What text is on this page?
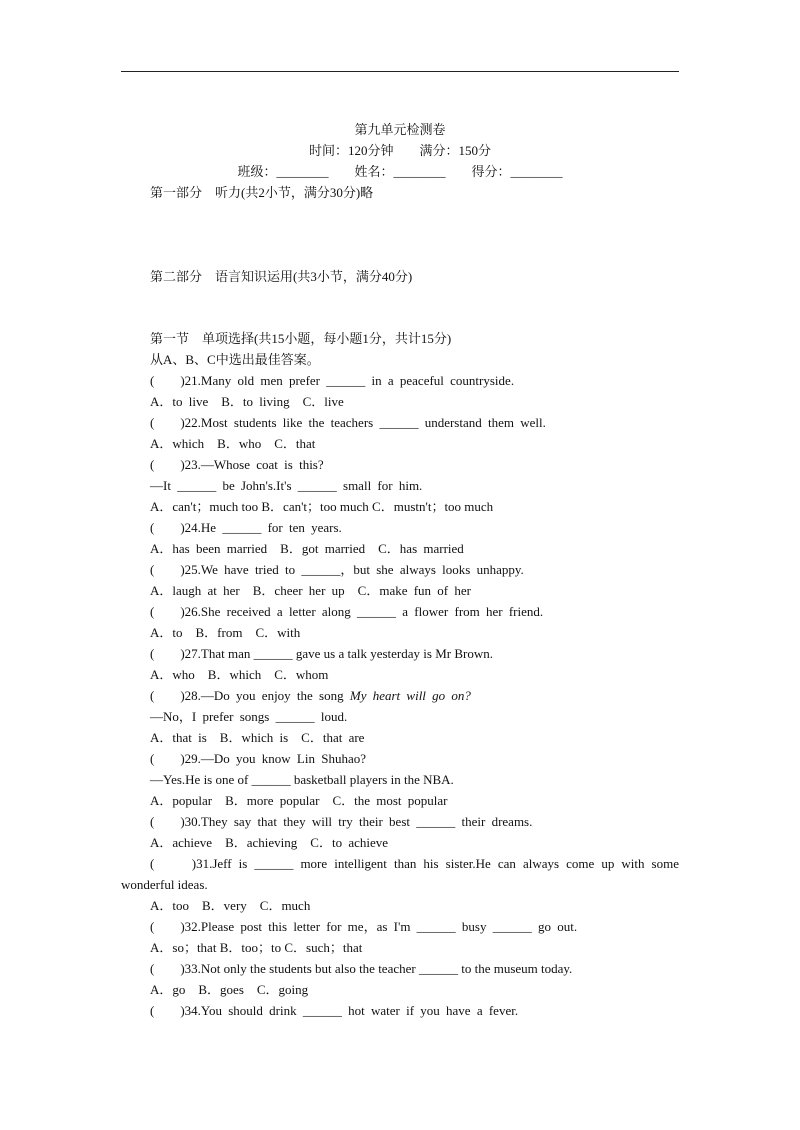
第九单元检测卷
时间：120分钟　　满分：150分
班级：________　　姓名：________　　得分：________
第一部分　听力(共2小节，满分30分)略
第二部分　语言知识运用(共3小节，满分40分)
第一节　单项选择(共15小题，每小题1分，共计15分)
从A、B、C中选出最佳答案。
(　　)21.Many old men prefer ______ in a peaceful countryside.
A．to live　B．to living　C．live
(　　)22.Most students like the teachers ______ understand them well.
A．which　B．who　C．that
(　　)23.—Whose coat is this?
—It ______ be John's.It's ______ small for him.
A．can't；much too B．can't；too much C．mustn't；too much
(　　)24.He ______ for ten years.
A．has been married　B．got married　C．has married
(　　)25.We have tried to ______，but she always looks unhappy.
A．laugh at her　B．cheer her up　C．make fun of her
(　　)26.She received a letter along ______ a flower from her friend.
A．to　B．from　C．with
(　　)27.That man ______ gave us a talk yesterday is Mr Brown.
A．who　B．which　C．whom
(　　)28.—Do you enjoy the song My heart will go on?
—No，I prefer songs ______ loud.
A．that is　B．which is　C．that are
(　　)29.—Do you know Lin Shuhao?
—Yes.He is one of ______ basketball players in the NBA.
A．popular　B．more popular　C．the most popular
(　　)30.They say that they will try their best ______ their dreams.
A．achieve　B．achieving　C．to achieve
(　　)31.Jeff is ______ more intelligent than his sister.He can always come up with some
wonderful ideas.
A．too　B．very　C．much
(　　)32.Please post this letter for me，as I'm ______ busy ______ go out.
A．so；that B．too；to C．such；that
(　　)33.Not only the students but also the teacher ______ to the museum today.
A．go　B．goes　C．going
(　　)34.You should drink ______ hot water if you have a fever.
